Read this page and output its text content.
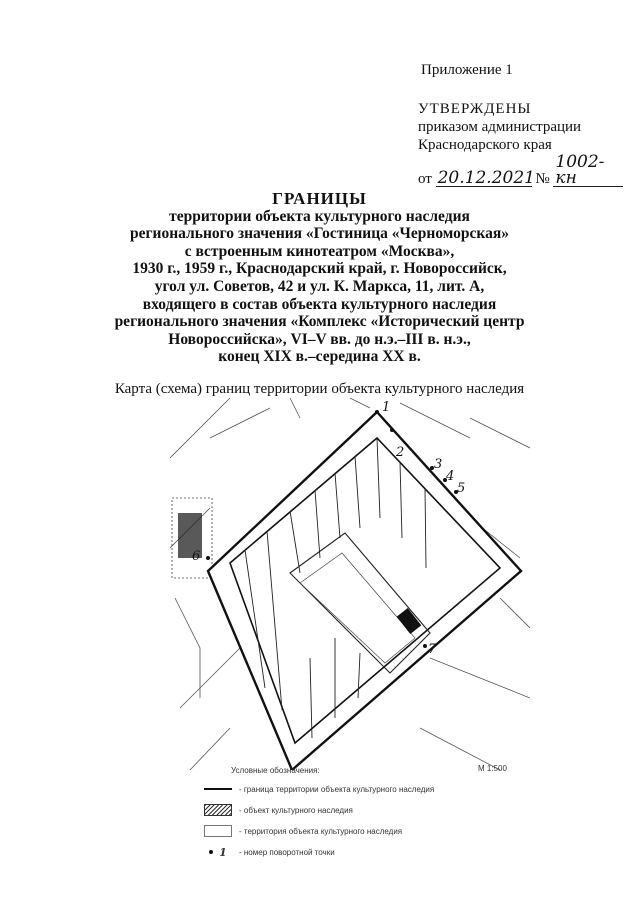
Приложение 1
УТВЕРЖДЕНЫ
приказом администрации
Краснодарского края
от 20.12.2021 № 1002-кн
ГРАНИЦЫ
территории объекта культурного наследия
регионального значения «Гостиница «Черноморская»
с встроенным кинотеатром «Москва»,
1930 г., 1959 г., Краснодарский край, г. Новороссийск,
угол ул. Советов, 42 и ул. К. Маркса, 11, лит. А,
входящего в состав объекта культурного наследия
регионального значения «Комплекс «Исторический центр
Новороссийска», VI–V вв. до н.э.–III в. н.э.,
конец XIX в.–середина XX в.
Карта (схема) границ территории объекта культурного наследия
1
2
3
4
5
6
7
М 1:500
Условные обозначения:
- граница территории объекта культурного наследия
- объект культурного наследия
- территория объекта культурного наследия
1 - номер поворотной точки
